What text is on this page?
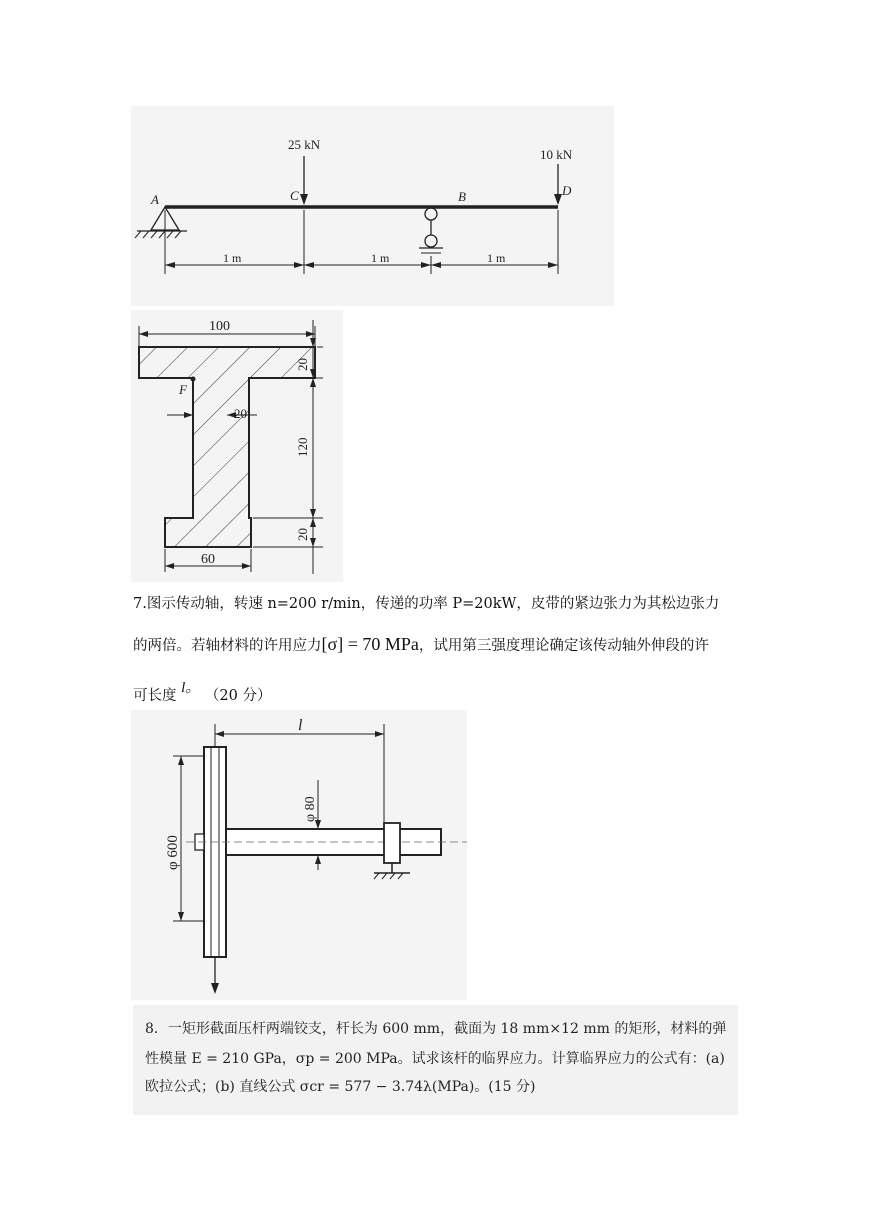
25 kN
10 kN
A	C	B	D
1 m	1 m	1 m
100
F
20
60
20
120
20
7.图示传动轴，转速 n=200 r/min，传递的功率 P=20kW，皮带的紧边张力为其松边张力
的两倍。若轴材料的许用应力[σ] = 70 MPa，试用第三强度理论确定该传动轴外伸段的许
可长度 l。 （20 分）
l
φ 80
φ 600
8．一矩形截面压杆两端铰支，杆长为 600 mm，截面为 18 mm×12 mm 的矩形，材料的弹
性模量 E = 210 GPa，σp = 200 MPa。试求该杆的临界应力。计算临界应力的公式有：(a)
欧拉公式；(b) 直线公式 σcr = 577 − 3.74λ(MPa)。(15 分)
